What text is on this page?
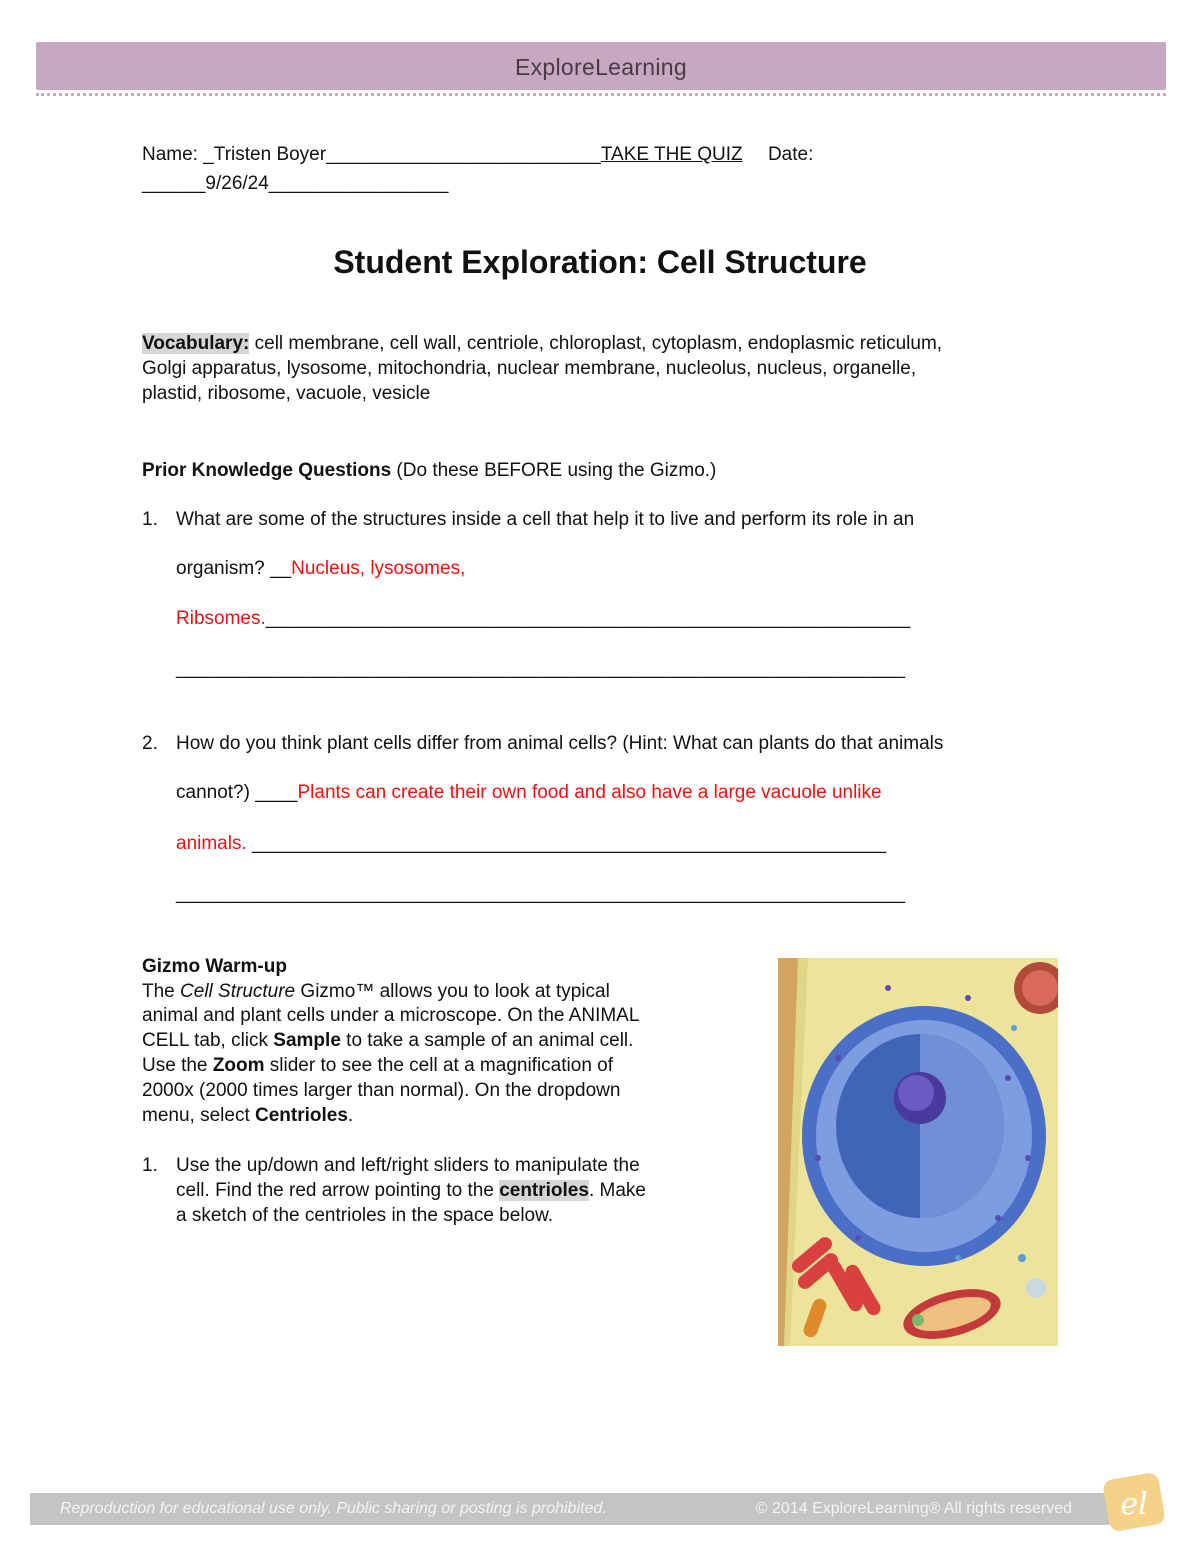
ExploreLearning
Name: _Tristen Boyer__________________________TAKE THE QUIZ Date:
______9/26/24_________________
Student Exploration: Cell Structure
Vocabulary: cell membrane, cell wall, centriole, chloroplast, cytoplasm, endoplasmic reticulum,
Golgi apparatus, lysosome, mitochondria, nuclear membrane, nucleolus, nucleus, organelle,
plastid, ribosome, vacuole, vesicle
Prior Knowledge Questions (Do these BEFORE using the Gizmo.)
1. What are some of the structures inside a cell that help it to live and perform its role in an
organism? __Nucleus, lysosomes,
Ribsomes._____________________________________________________________
_____________________________________________________________________
2. How do you think plant cells differ from animal cells? (Hint: What can plants do that animals
cannot?) ____Plants can create their own food and also have a large vacuole unlike
animals. ____________________________________________________________
_____________________________________________________________________
Gizmo Warm-up
The Cell Structure Gizmo™ allows you to look at typical
animal and plant cells under a microscope. On the ANIMAL
CELL tab, click Sample to take a sample of an animal cell.
Use the Zoom slider to see the cell at a magnification of
2000x (2000 times larger than normal). On the dropdown
menu, select Centrioles.
1. Use the up/down and left/right sliders to manipulate the
cell. Find the red arrow pointing to the centrioles. Make
a sketch of the centrioles in the space below.
Reproduction for educational use only. Public sharing or posting is prohibited.	© 2014 ExploreLearning® All rights reserved el
